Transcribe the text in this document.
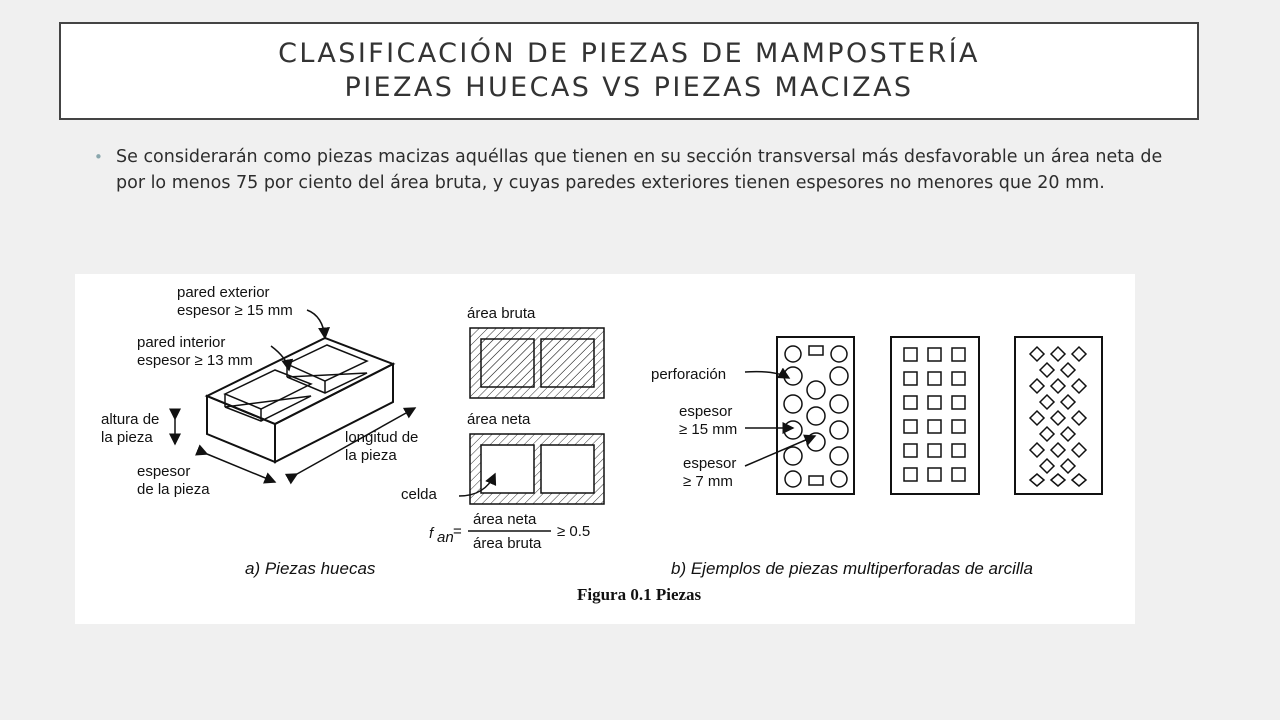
CLASIFICACIÓN DE PIEZAS DE MAMPOSTERÍA
PIEZAS HUECAS VS PIEZAS MACIZAS
• Se considerarán como piezas macizas aquéllas que tienen en su sección transversal más desfavorable un área neta de por lo menos 75 por ciento del área bruta, y cuyas paredes exteriores tienen espesores no menores que 20 mm.
pared exterior
espesor ≥ 15 mm
pared interior
espesor ≥ 13 mm
altura de
la pieza
espesor
de la pieza
longitud de
la pieza
área bruta
área neta
celda
f an =
área neta
área bruta
≥ 0.5
perforación
espesor
≥ 15 mm
espesor
≥ 7 mm
a) Piezas huecas	b) Ejemplos de piezas multiperforadas de arcilla
Figura 0.1 Piezas
